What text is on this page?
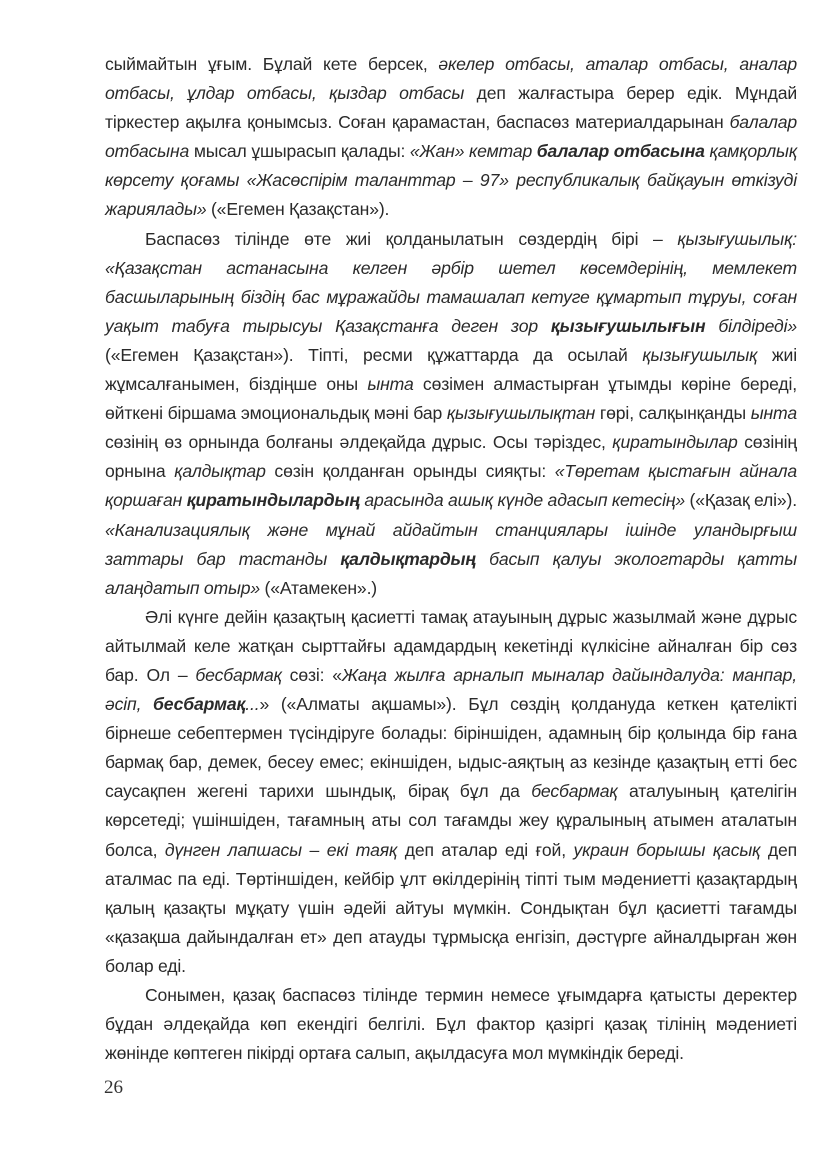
сыймайтын ұғым. Бұлай кете берсек, әкелер отбасы, аталар отбасы, аналар отбасы, ұлдар отбасы, қыздар отбасы деп жалғастыра берер едік. Мұндай тіркестер ақылға қонымсыз. Соған қарамастан, баспасөз материалдарынан балалар отбасына мысал ұшырасып қалады: «Жан» кемтар балалар отбасына қамқорлық көрсету қоғамы «Жасөспірім таланттар – 97» республикалық байқауын өткізуді жариялады» («Егемен Қазақстан»).

Баспасөз тілінде өте жиі қолданылатын сөздердің бірі – қызығушылық: «Қазақстан астанасына келген әрбір шетел көсемдерінің, мемлекет басшыларының біздің бас мұражайды тамашалап кетуге құмартып тұруы, соған уақыт табуға тырысуы Қазақстанға деген зор қызығушылығын білдіреді» («Егемен Қазақстан»). Тіпті, ресми құжаттарда да осылай қызығушылық жиі жұмсалғанымен, біздіңше оны ынта сөзімен алмастырған ұтымды көріне береді, өйткені біршама эмоциональдық мәні бар қызығушылықтан гөрі, салқынқанды ынта сөзінің өз орнында болғаны әлдеқайда дұрыс. Осы тәріздес, қиратындылар сөзінің орнына қалдықтар сөзін қолданған орынды сияқты: «Төретам қыстағын айнала қоршаған қиратындылардың арасында ашық күнде адасып кетесің» («Қазақ елі»). «Канализациялық және мұнай айдайтын станциялары ішінде уландырғыш заттары бар тастанды қалдықтардың басып қалуы экологтарды қатты алаңдатып отыр» («Атамекен».)

Әлі күнге дейін қазақтың қасиетті тамақ атауының дұрыс жазылмай және дұрыс айтылмай келе жатқан сырттайғы адамдардың кекетінді күлкісіне айналған бір сөз бар. Ол – бесбармақ сөзі: «Жаңа жылға арналып мыналар дайындалуда: манпар, әсіп, бесбармақ...» («Алматы ақшамы»). Бұл сөздің қолдануда кеткен қателікті бірнеше себептермен түсіндіруге болады: біріншіден, адамның бір қолында бір ғана бармақ бар, демек, бесеу емес; екіншіден, ыдыс-аяқтың аз кезінде қазақтың етті бес саусақпен жегені тарихи шындық, бірақ бұл да бесбармақ аталуының қателігін көрсетеді; үшіншіден, тағамның аты сол тағамды жеу құралының атымен аталатын болса, дүнген лапшасы – екі таяқ деп аталар еді ғой, украин борышы қасық деп аталмас па еді. Төртіншіден, кейбір ұлт өкілдерінің тіпті тым мәдениетті қазақтардың қалың қазақты мұқату үшін әдейі айтуы мүмкін. Сондықтан бұл қасиетті тағамды «қазақша дайындалған ет» деп атауды тұрмысқа енгізіп, дәстүрге айналдырған жөн болар еді.

Сонымен, қазақ баспасөз тілінде термин немесе ұғымдарға қатысты деректер бұдан әлдеқайда көп екендігі белгілі. Бұл фактор қазіргі қазақ тілінің мәдениеті жөнінде көптеген пікірді ортаға салып, ақылдасуға мол мүмкіндік береді.

26
